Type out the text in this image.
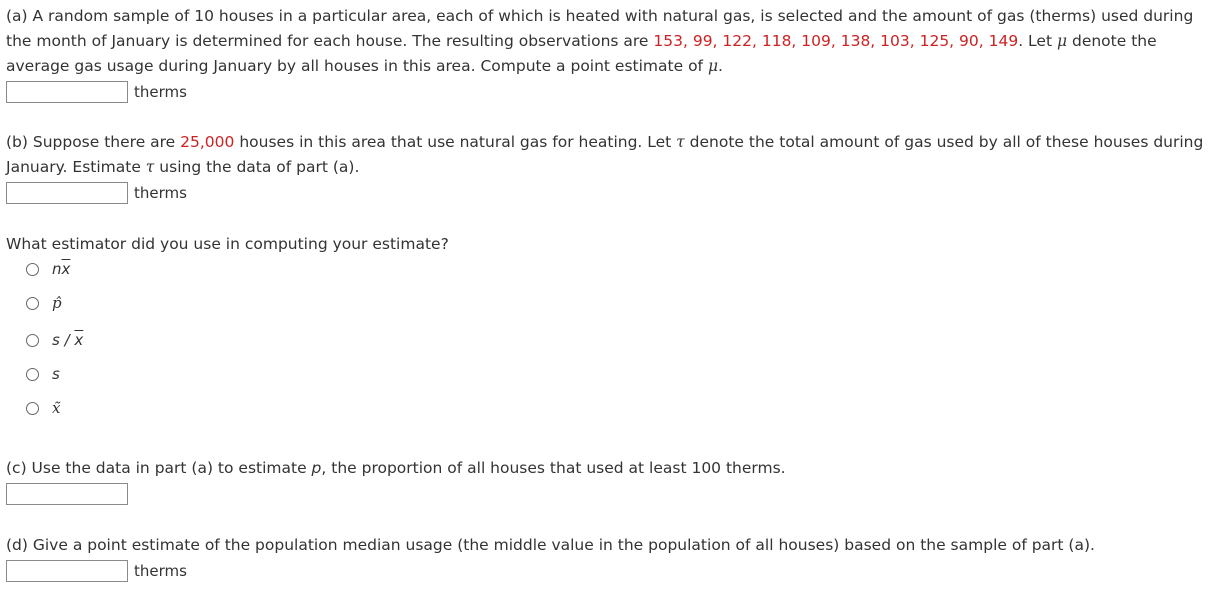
(a) A random sample of 10 houses in a particular area, each of which is heated with natural gas, is selected and the amount of gas (therms) used during the month of January is determined for each house. The resulting observations are 153, 99, 122, 118, 109, 138, 103, 125, 90, 149. Let μ denote the average gas usage during January by all houses in this area. Compute a point estimate of μ.
therms
(b) Suppose there are 25,000 houses in this area that use natural gas for heating. Let τ denote the total amount of gas used by all of these houses during January. Estimate τ using the data of part (a).
therms
What estimator did you use in computing your estimate?
$n\overline{x}$
p̂
s / $\overline{x}$
s
x̃
(c) Use the data in part (a) to estimate p, the proportion of all houses that used at least 100 therms.
(d) Give a point estimate of the population median usage (the middle value in the population of all houses) based on the sample of part (a).
therms
